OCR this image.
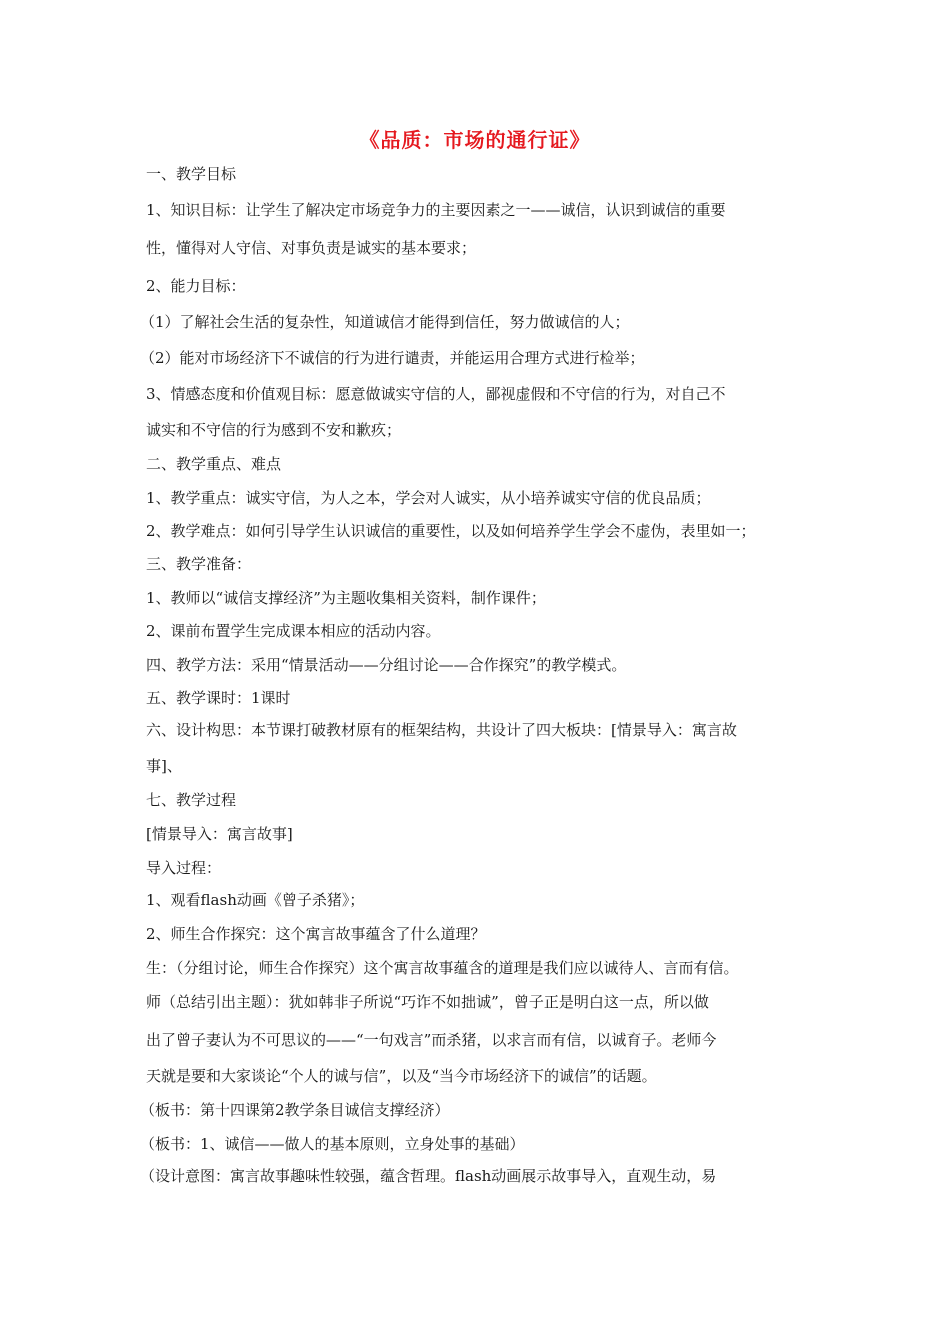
《品质：市场的通行证》
一、教学目标
1、知识目标：让学生了解决定市场竞争力的主要因素之一——诚信，认识到诚信的重要
性，懂得对人守信、对事负责是诚实的基本要求；
2、能力目标：
（1）了解社会生活的复杂性，知道诚信才能得到信任，努力做诚信的人；
（2）能对市场经济下不诚信的行为进行谴责，并能运用合理方式进行检举；
3、情感态度和价值观目标：愿意做诚实守信的人，鄙视虚假和不守信的行为，对自己不
诚实和不守信的行为感到不安和歉疚；
二、教学重点、难点
1、教学重点：诚实守信，为人之本，学会对人诚实，从小培养诚实守信的优良品质；
2、教学难点：如何引导学生认识诚信的重要性，以及如何培养学生学会不虚伪，表里如一；
三、教学准备：
1、教师以“诚信支撑经济”为主题收集相关资料，制作课件；
2、课前布置学生完成课本相应的活动内容。
四、教学方法：采用“情景活动——分组讨论——合作探究”的教学模式。
五、教学课时：1课时
六、设计构思：本节课打破教材原有的框架结构，共设计了四大板块：[情景导入：寓言故
事]、
七、教学过程
[情景导入：寓言故事]
导入过程：
1、观看flash动画《曾子杀猪》；
2、师生合作探究：这个寓言故事蕴含了什么道理？
生：（分组讨论，师生合作探究）这个寓言故事蕴含的道理是我们应以诚待人、言而有信。
师（总结引出主题）：犹如韩非子所说“巧诈不如拙诚”，曾子正是明白这一点，所以做
出了曾子妻认为不可思议的——“一句戏言”而杀猪，以求言而有信，以诚育子。老师今
天就是要和大家谈论“个人的诚与信”，以及“当今市场经济下的诚信”的话题。
（板书：第十四课第2教学条目诚信支撑经济）
（板书：1、诚信——做人的基本原则，立身处事的基础）
（设计意图：寓言故事趣味性较强，蕴含哲理。flash动画展示故事导入，直观生动，易
